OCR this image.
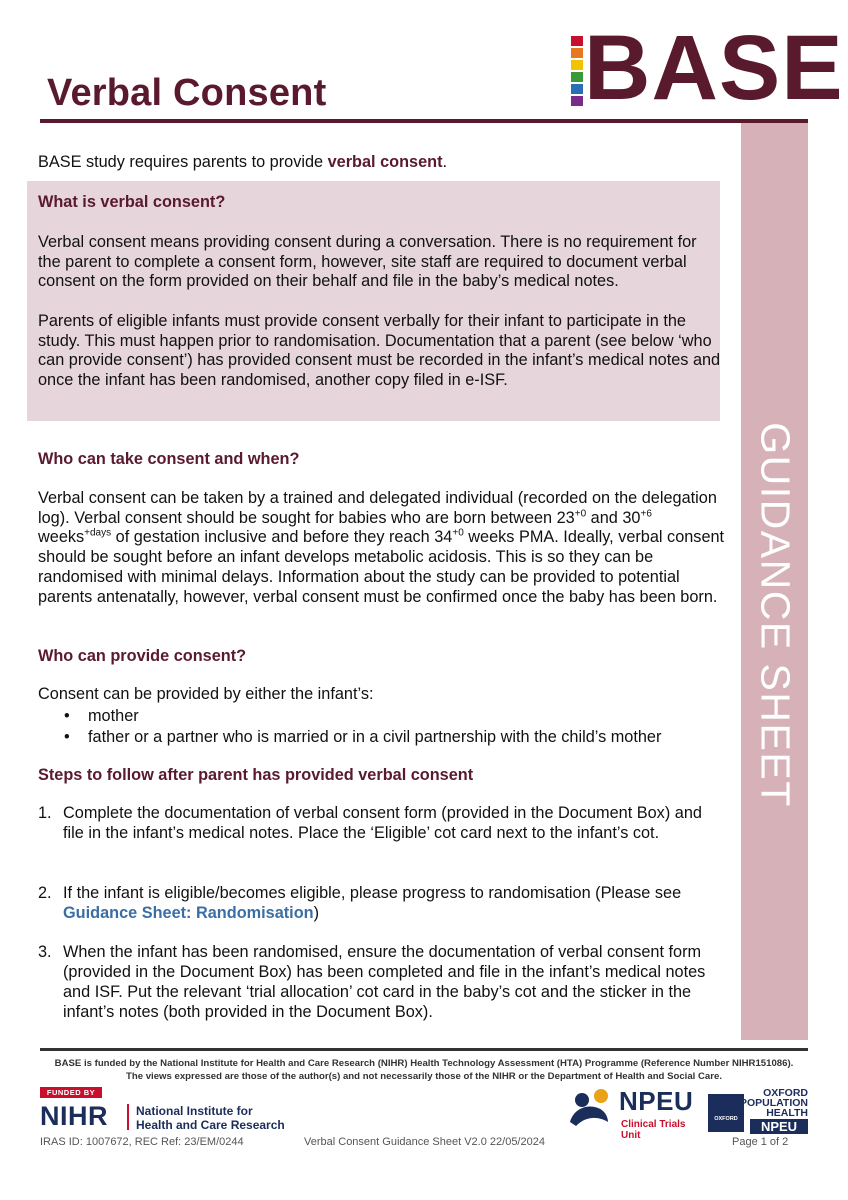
Verbal Consent	BASE
GUIDANCE SHEET
BASE study requires parents to provide verbal consent.
What is verbal consent?
Verbal consent means providing consent during a conversation. There is no requirement for the parent to complete a consent form, however, site staff are required to document verbal consent on the form provided on their behalf and file in the baby’s medical notes.
Parents of eligible infants must provide consent verbally for their infant to participate in the study. This must happen prior to randomisation. Documentation that a parent (see below ‘who can provide consent’) has provided consent must be recorded in the infant’s medical notes and once the infant has been randomised, another copy filed in e-ISF.
Who can take consent and when?
Verbal consent can be taken by a trained and delegated individual (recorded on the delegation log). Verbal consent should be sought for babies who are born between $23^{+0}$ and $30^{+6}$ weeks$^{+days}$ of gestation inclusive and before they reach $34^{+0}$ weeks PMA. Ideally, verbal consent should be sought before an infant develops metabolic acidosis. This is so they can be randomised with minimal delays. Information about the study can be provided to potential parents antenatally, however, verbal consent must be confirmed once the baby has been born.
Who can provide consent?
Consent can be provided by either the infant’s:
• mother
• father or a partner who is married or in a civil partnership with the child’s mother
Steps to follow after parent has provided verbal consent
1. Complete the documentation of verbal consent form (provided in the Document Box) and file in the infant’s medical notes. Place the ‘Eligible’ cot card next to the infant’s cot.
2. If the infant is eligible/becomes eligible, please progress to randomisation (Please see Guidance Sheet: Randomisation)
3. When the infant has been randomised, ensure the documentation of verbal consent form (provided in the Document Box) has been completed and file in the infant’s medical notes and ISF. Put the relevant ‘trial allocation’ cot card in the baby’s cot and the sticker in the infant’s notes (both provided in the Document Box).
BASE is funded by the National Institute for Health and Care Research (NIHR) Health Technology Assessment (HTA) Programme (Reference Number NIHR151086).
The views expressed are those of the author(s) and not necessarily those of the NIHR or the Department of Health and Social Care.
FUNDED BY
NIHR National Institute for
Health and Care Research
NPEU
Clinical Trials Unit
OXFORD
OXFORD
POPULATION
HEALTH
NPEU
IRAS ID: 1007672, REC Ref: 23/EM/0244	Verbal Consent Guidance Sheet V2.0 22/05/2024	Page 1 of 2
